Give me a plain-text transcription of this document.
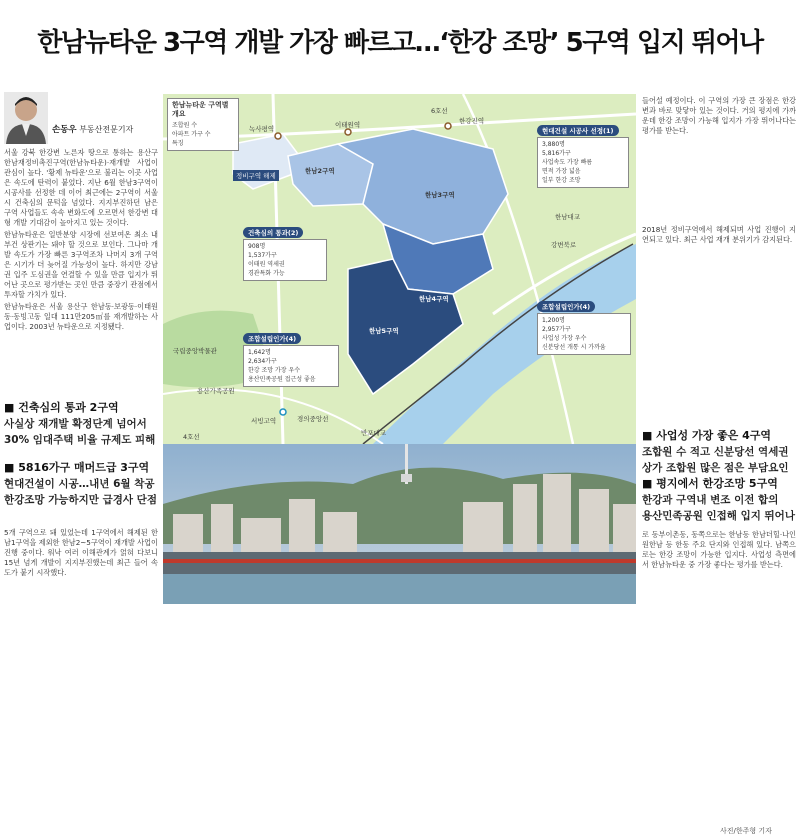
한남뉴타운 3구역 개발 가장 빠르고…‘한강 조망’ 5구역 입지 뛰어나
손동우 부동산전문기자

서울 강북 한강변 노른자 땅으로 통하는 용산구 한남재정비촉진구역(한남뉴타운)·재개발 사업이 관심이 높다. '황제 뉴타운'으로 불리는 이곳 사업은 속도에 탄력이 붙었다. 지난 6월 한남3구역이 시공사를 선정한 데 이어 최근에는 2구역이 서울시 건축심의 문턱을 넘었다. 지지부진하던 남은 구역 사업들도 속속 변화도에 오르면서 한강변 대형 개발 기대감이 높아지고 있는 것이다.

한남뉴타운은 일반분양 시장에 선보여온 최소 내부건 상판기는 돼야 할 것으로 보인다. 그나마 개발 속도가 가장 빠른 3구역조차 나머지 3개 구역은 시기가 더 늦어질 가능성이 높다. 하지만 강남권 입주 도심권을 연결할 수 있을 만큼 입지가 뛰어난 곳으로 평가받는 곳인 만큼 중장기 관점에서 투자할 가치가 있다.

한남뉴타운은 서울 용산구 한남동·보광동·이태원동·동빙고동 일대 111만205㎡를 재개발하는 사업이다. 2003년 뉴타운으로 지정됐다.

■ 건축심의 통과 2구역
사실상 재개발 확정단계 넘어서
30% 임대주택 비율 규제도 피해
■ 5816가구 매머드급 3구역
현대건설이 시공…내년 6월 착공
한강조망 가능하지만 급경사 단점
5개 구역으로 돼 있었는데 1구역에서 해제된 한남1구역을 제외한 한남2~5구역이 재개발 사업이 진행 중이다. 워낙 여러 이해관계가 얽혀 다보니 15년 넘게 개발이 지지부진했는데 최근 들어 속도가 붙기 시작했다.
한남뉴타운 구역별 개요
조합원 수
아파트 가구 수
특징
6호선
녹사평역	이태원역	한강진역
한남대교
강변북로
서빙고역	경의중앙선
반포대교
4호선
용산가족공원
국립중앙박물관
정비구역 해제
한남2구역
한남3구역
한남4구역
한남5구역
현대건설 시공사 선정(1)
3,880명
5,816가구
사업속도 가장 빠름
면적 가장 넓음
일부 한강 조망
건축심의 통과(2)
908명
1,537가구
이태원 역세권
경관특화 가능
조합설립인가(4)
1,200명
2,957가구
사업성 가장 우수
신분당선 개통 시 가까움
조합설립인가(4)
1,642명
2,634가구
한강 조망 가장 우수
용산민족공원 접근성 좋음
들어설 예정이다. 이 구역의 가장 큰 장점은 한강변과 바로 맞닿아 있는 것이다. 거의 평지에 가까운데 한강 조망이 가능해 입지가 가장 뛰어나다는 평가를 받는다.
2018년 정비구역에서 해제되며 사업 진행이 지연되고 있다. 최근 사업 재개 분위기가 감지된다.
■ 사업성 가장 좋은 4구역
조합원 수 적고 신분당선 역세권
상가 조합원 많은 점은 부담요인
■ 평지에서 한강조망 5구역
한강과 구역내 변조 이전 합의
용산민족공원 인접해 입지 뛰어나
로 동부이촌동, 동쪽으로는 한남동 한남더힐·나인원한남 등 한동 주요 단지와 인접해 있다. 남쪽으로는 한강 조망이 가능한 입지다. 사업성 측면에서 한남뉴타운 중 가장 좋다는 평가를 받는다.
사진/한주형 기자
